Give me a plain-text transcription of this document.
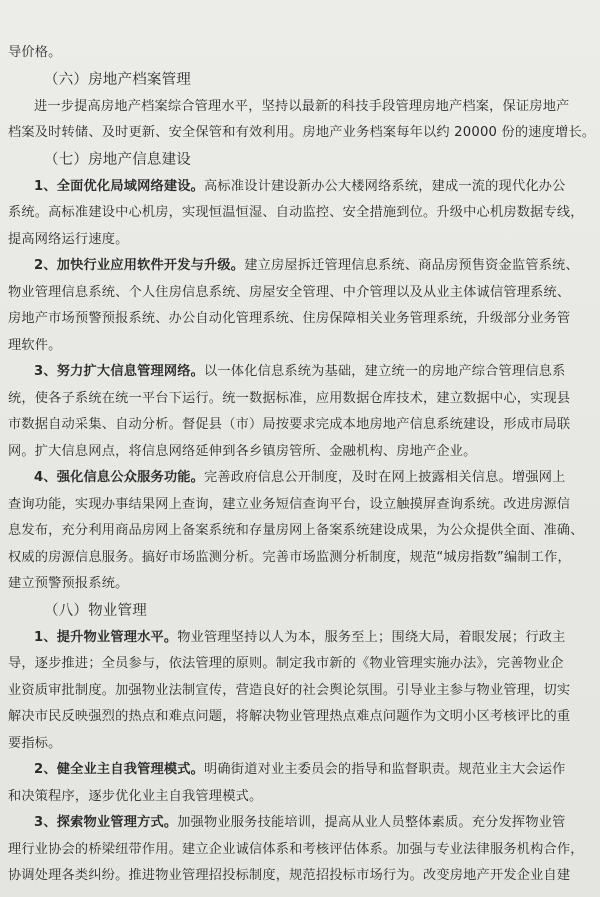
导价格。

（六）房地产档案管理

进一步提高房地产档案综合管理水平，坚持以最新的科技手段管理房地产档案，保证房地产

档案及时转储、及时更新、安全保管和有效利用。房地产业务档案每年以约 20000 份的速度增长。

（七）房地产信息建设

1、全面优化局域网络建设。高标准设计建设新办公大楼网络系统，建成一流的现代化办公

系统。高标准建设中心机房，实现恒温恒湿、自动监控、安全措施到位。升级中心机房数据专线，

提高网络运行速度。

2、加快行业应用软件开发与升级。建立房屋拆迁管理信息系统、商品房预售资金监管系统、

物业管理信息系统、个人住房信息系统、房屋安全管理、中介管理以及从业主体诚信管理系统、

房地产市场预警预报系统、办公自动化管理系统、住房保障相关业务管理系统，升级部分业务管

理软件。

3、努力扩大信息管理网络。以一体化信息系统为基础，建立统一的房地产综合管理信息系

统，使各子系统在统一平台下运行。统一数据标准，应用数据仓库技术，建立数据中心，实现县

市数据自动采集、自动分析。督促县（市）局按要求完成本地房地产信息系统建设，形成市局联

网。扩大信息网点，将信息网络延伸到各乡镇房管所、金融机构、房地产企业。

4、强化信息公众服务功能。完善政府信息公开制度，及时在网上披露相关信息。增强网上

查询功能，实现办事结果网上查询，建立业务短信查询平台，设立触摸屏查询系统。改进房源信

息发布，充分利用商品房网上备案系统和存量房网上备案系统建设成果，为公众提供全面、准确、

权威的房源信息服务。搞好市场监测分析。完善市场监测分析制度，规范“城房指数”编制工作，

建立预警预报系统。

（八）物业管理

1、提升物业管理水平。物业管理坚持以人为本，服务至上；围绕大局，着眼发展；行政主

导，逐步推进；全员参与，依法管理的原则。制定我市新的《物业管理实施办法》，完善物业企

业资质审批制度。加强物业法制宣传，营造良好的社会舆论氛围。引导业主参与物业管理，切实

解决市民反映强烈的热点和难点问题，将解决物业管理热点难点问题作为文明小区考核评比的重

要指标。

2、健全业主自我管理模式。明确街道对业主委员会的指导和监督职责。规范业主大会运作

和决策程序，逐步优化业主自我管理模式。

3、探索物业管理方式。加强物业服务技能培训，提高从业人员整体素质。充分发挥物业管

理行业协会的桥梁纽带作用。建立企业诚信体系和考核评估体系。加强与专业法律服务机构合作，

协调处理各类纠纷。推进物业管理招投标制度，规范招投标市场行为。改变房地产开发企业自建
